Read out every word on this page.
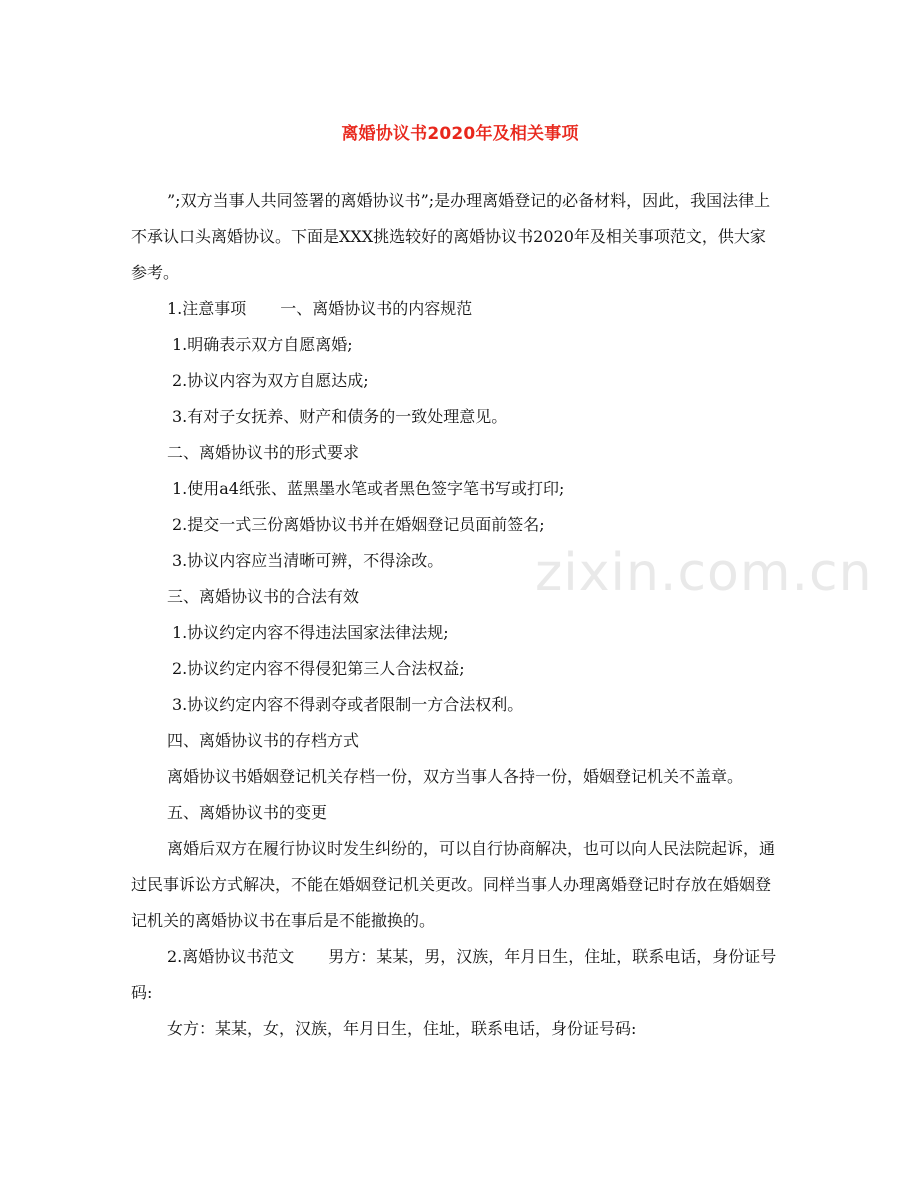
zixin.com.cn
离婚协议书2020年及相关事项

”;双方当事人共同签署的离婚协议书”;是办理离婚登记的必备材料，因此，我国法律上不承认口头离婚协议。下面是XXX挑选较好的离婚协议书2020年及相关事项范文，供大家参考。

1.注意事项 一、离婚协议书的内容规范

1.明确表示双方自愿离婚;

2.协议内容为双方自愿达成;

3.有对子女抚养、财产和债务的一致处理意见。

二、离婚协议书的形式要求

1.使用a4纸张、蓝黑墨水笔或者黑色签字笔书写或打印;

2.提交一式三份离婚协议书并在婚姻登记员面前签名;

3.协议内容应当清晰可辨，不得涂改。

三、离婚协议书的合法有效

1.协议约定内容不得违法国家法律法规;

2.协议约定内容不得侵犯第三人合法权益;

3.协议约定内容不得剥夺或者限制一方合法权利。

四、离婚协议书的存档方式

离婚协议书婚姻登记机关存档一份，双方当事人各持一份，婚姻登记机关不盖章。

五、离婚协议书的变更

离婚后双方在履行协议时发生纠纷的，可以自行协商解决，也可以向人民法院起诉，通过民事诉讼方式解决，不能在婚姻登记机关更改。同样当事人办理离婚登记时存放在婚姻登记机关的离婚协议书在事后是不能撤换的。

2.离婚协议书范文 男方：某某，男，汉族，年月日生，住址，联系电话，身份证号码:

女方：某某，女，汉族，年月日生，住址，联系电话，身份证号码:
